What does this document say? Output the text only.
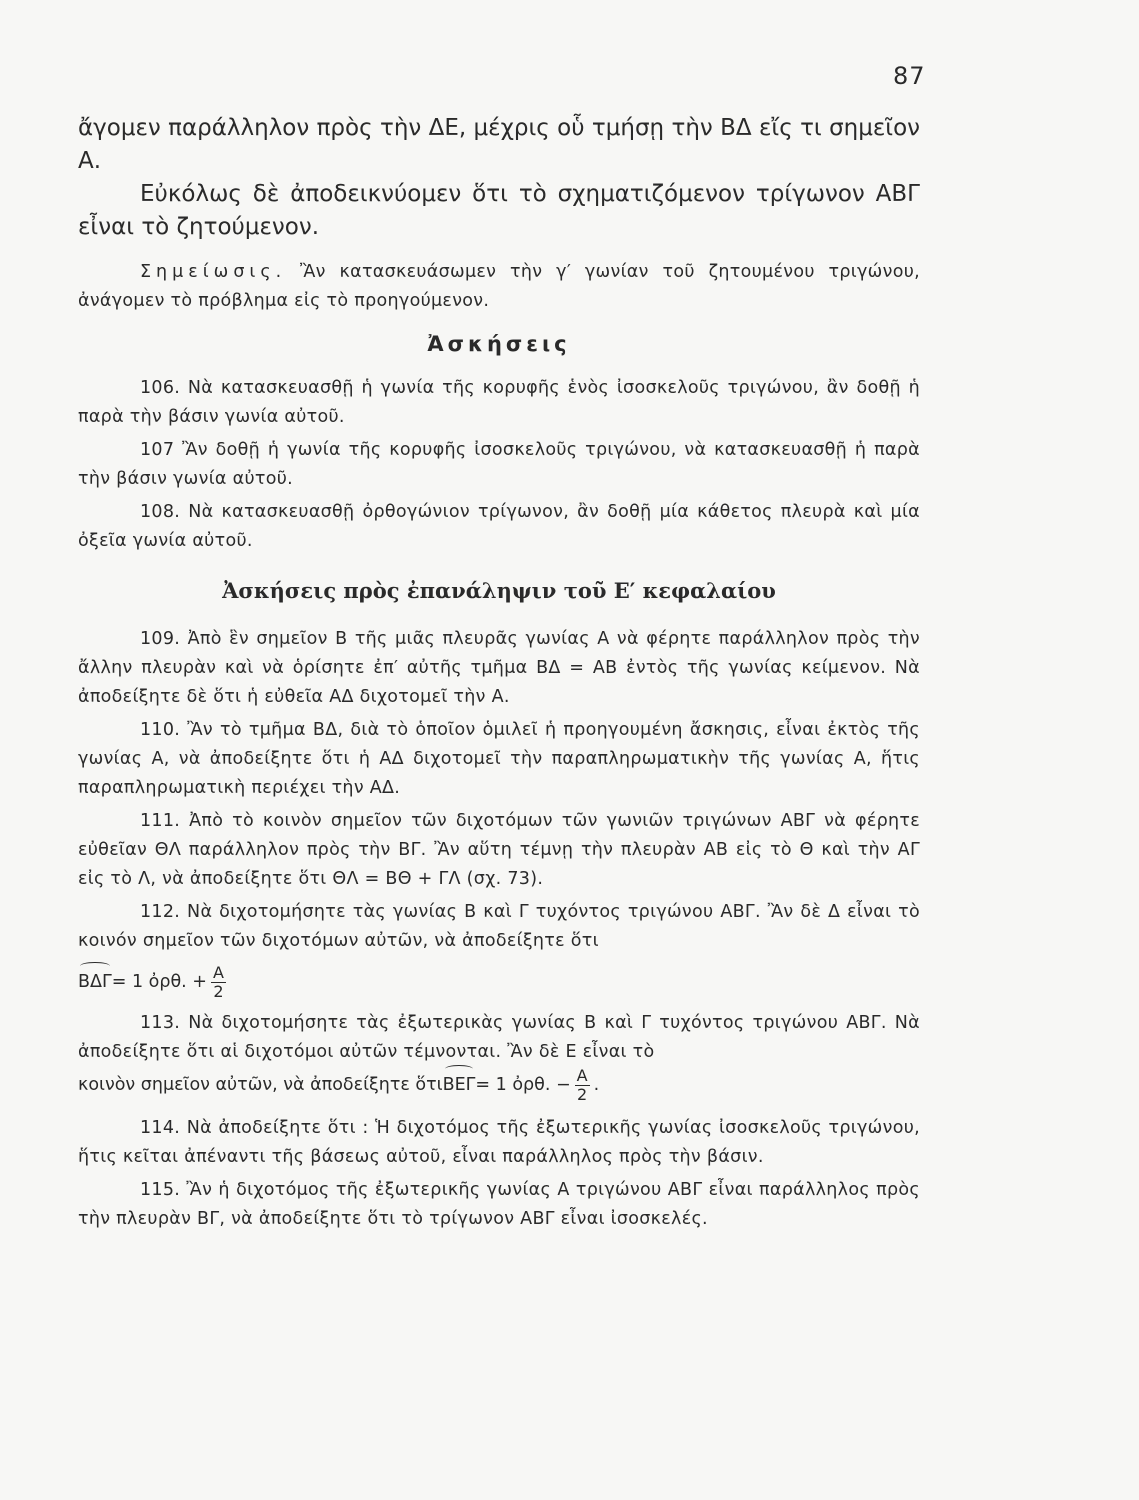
87

ἄγομεν παράλληλον πρὸς τὴν ΔΕ, μέχρις οὗ τμήσῃ τὴν ΒΔ εἴς τι σημεῖον Α.

Εὐκόλως δὲ ἀποδεικνύομεν ὅτι τὸ σχηματιζόμενον τρίγωνον ΑΒΓ εἶναι τὸ ζητούμενον.

Σημείωσις. Ἂν κατασκευάσωμεν τὴν γ′ γωνίαν τοῦ ζητουμένου τριγώνου, ἀνάγομεν τὸ πρόβλημα εἰς τὸ προηγούμενον.

Ἀσκήσεις

106. Νὰ κατασκευασθῇ ἡ γωνία τῆς κορυφῆς ἑνὸς ἰσοσκελοῦς τριγώνου, ἂν δοθῇ ἡ παρὰ τὴν βάσιν γωνία αὐτοῦ.

107 Ἂν δοθῇ ἡ γωνία τῆς κορυφῆς ἰσοσκελοῦς τριγώνου, νὰ κατασκευασθῇ ἡ παρὰ τὴν βάσιν γωνία αὐτοῦ.

108. Νὰ κατασκευασθῇ ὀρθογώνιον τρίγωνον, ἂν δοθῇ μία κάθετος πλευρὰ καὶ μία ὀξεῖα γωνία αὐτοῦ.

Ἀσκήσεις πρὸς ἐπανάληψιν τοῦ Ε′ κεφαλαίου

109. Ἀπὸ ἓν σημεῖον Β τῆς μιᾶς πλευρᾶς γωνίας Α νὰ φέρητε παράλληλον πρὸς τὴν ἄλλην πλευρὰν καὶ νὰ ὁρίσητε ἐπ′ αὐτῆς τμῆμα ΒΔ = ΑΒ ἐντὸς τῆς γωνίας κείμενον. Νὰ ἀποδείξητε δὲ ὅτι ἡ εὐθεῖα ΑΔ διχοτομεῖ τὴν Α.

110. Ἂν τὸ τμῆμα ΒΔ, διὰ τὸ ὁποῖον ὁμιλεῖ ἡ προηγουμένη ἄσκησις, εἶναι ἐκτὸς τῆς γωνίας Α, νὰ ἀποδείξητε ὅτι ἡ ΑΔ διχοτομεῖ τὴν παραπληρωματικὴν τῆς γωνίας Α, ἥτις παραπληρωματικὴ περιέχει τὴν ΑΔ.

111. Ἀπὸ τὸ κοινὸν σημεῖον τῶν διχοτόμων τῶν γωνιῶν τριγώνων ΑΒΓ νὰ φέρητε εὐθεῖαν ΘΛ παράλληλον πρὸς τὴν ΒΓ. Ἂν αὕτη τέμνῃ τὴν πλευρὰν ΑΒ εἰς τὸ Θ καὶ τὴν ΑΓ εἰς τὸ Λ, νὰ ἀποδείξητε ὅτι ΘΛ = ΒΘ + ΓΛ (σχ. 73).

112. Νὰ διχοτομήσητε τὰς γωνίας Β καὶ Γ τυχόντος τριγώνου ΑΒΓ. Ἂν δὲ Δ εἶναι τὸ κοινόν σημεῖον τῶν διχοτόμων αὐτῶν, νὰ ἀποδείξητε ὅτι

ΒΔΓ = 1 ὀρθ. + $\frac{A}{2}$

113. Νὰ διχοτομήσητε τὰς ἐξωτερικὰς γωνίας Β καὶ Γ τυχόντος τριγώνου ΑΒΓ. Νὰ ἀποδείξητε ὅτι αἱ διχοτόμοι αὐτῶν τέμνονται. Ἂν δὲ Ε εἶναι τὸ

κοινὸν σημεῖον αὐτῶν, νὰ ἀποδείξητε ὅτι ΒΕΓ = 1 ὀρθ. − $\frac{A}{2}$ .

114. Νὰ ἀποδείξητε ὅτι : Ἡ διχοτόμος τῆς ἐξωτερικῆς γωνίας ἰσοσκελοῦς τριγώνου, ἥτις κεῖται ἀπέναντι τῆς βάσεως αὐτοῦ, εἶναι παράλληλος πρὸς τὴν βάσιν.

115. Ἂν ἡ διχοτόμος τῆς ἐξωτερικῆς γωνίας Α τριγώνου ΑΒΓ εἶναι παράλληλος πρὸς τὴν πλευρὰν ΒΓ, νὰ ἀποδείξητε ὅτι τὸ τρίγωνον ΑΒΓ εἶναι ἰσοσκελές.
